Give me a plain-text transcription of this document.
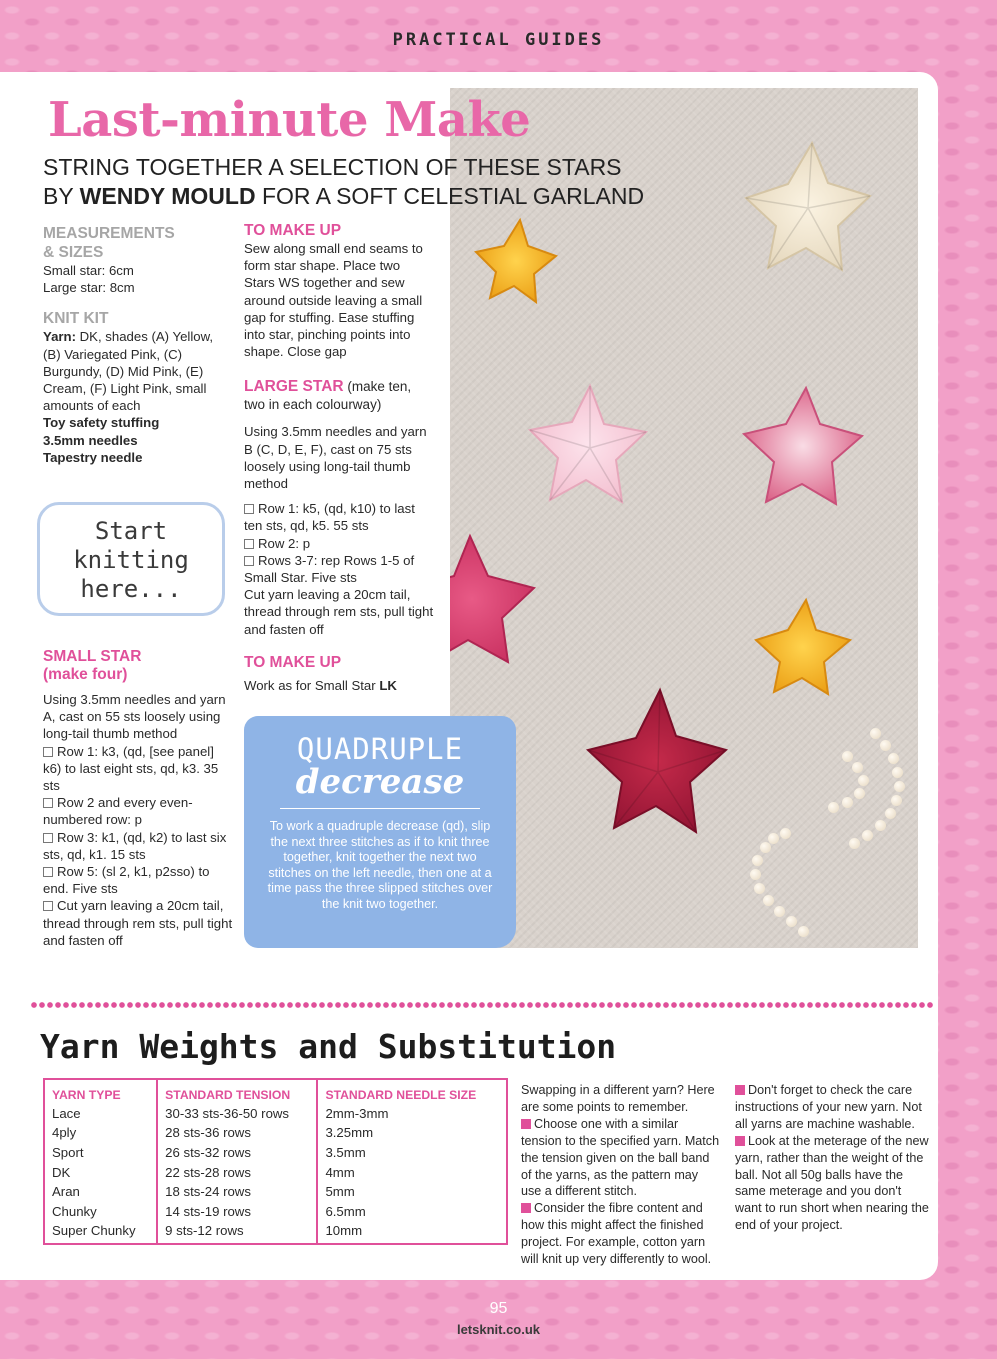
PRACTICAL GUIDES
Last-minute Make
STRING TOGETHER A SELECTION OF THESE STARS
BY WENDY MOULD FOR A SOFT CELESTIAL GARLAND
MEASUREMENTS
& SIZES
Small star: 6cm
Large star: 8cm
KNIT KIT
Yarn: DK, shades (A) Yellow, (B) Variegated Pink, (C) Burgundy, (D) Mid Pink, (E) Cream, (F) Light Pink, small amounts of each
Toy safety stuffing
3.5mm needles
Tapestry needle
Start
knitting
here...
SMALL STAR
(make four)
Using 3.5mm needles and yarn A, cast on 55 sts loosely using long-tail thumb method
Row 1: k3, (qd, [see panel] k6) to last eight sts, qd, k3. 35 sts
Row 2 and every even-numbered row: p
Row 3: k1, (qd, k2) to last six sts, qd, k1. 15 sts
Row 5: (sl 2, k1, p2sso) to end. Five sts
Cut yarn leaving a 20cm tail, thread through rem sts, pull tight and fasten off
TO MAKE UP
Sew along small end seams to form star shape. Place two Stars WS together and sew around outside leaving a small gap for stuffing. Ease stuffing into star, pinching points into shape. Close gap
LARGE STAR (make ten, two in each colourway)
Using 3.5mm needles and yarn B (C, D, E, F), cast on 75 sts loosely using long-tail thumb method
Row 1: k5, (qd, k10) to last ten sts, qd, k5. 55 sts
Row 2: p
Rows 3-7: rep Rows 1-5 of Small Star. Five sts
Cut yarn leaving a 20cm tail, thread through rem sts, pull tight and fasten off
TO MAKE UP
Work as for Small Star LK
QUADRUPLE
decrease
To work a quadruple decrease (qd), slip the next three stitches as if to knit three together, knit together the next two stitches on the left needle, then one at a time pass the three slipped stitches over the knit two together.
Yarn Weights and Substitution
YARN TYPE	STANDARD TENSION	STANDARD NEEDLE SIZE
Lace	30-33 sts-36-50 rows	2mm-3mm
4ply	28 sts-36 rows	3.25mm
Sport	26 sts-32 rows	3.5mm
DK	22 sts-28 rows	4mm
Aran	18 sts-24 rows	5mm
Chunky	14 sts-19 rows	6.5mm
Super Chunky	9 sts-12 rows	10mm
Swapping in a different yarn? Here are some points to remember.
Choose one with a similar tension to the specified yarn. Match the tension given on the ball band of the yarns, as the pattern may use a different stitch.
Consider the fibre content and how this might affect the finished project. For example, cotton yarn will knit up very differently to wool.
Don't forget to check the care instructions of your new yarn. Not all yarns are machine washable.
Look at the meterage of the new yarn, rather than the weight of the ball. Not all 50g balls have the same meterage and you don't want to run short when nearing the end of your project.
95
letsknit.co.uk
